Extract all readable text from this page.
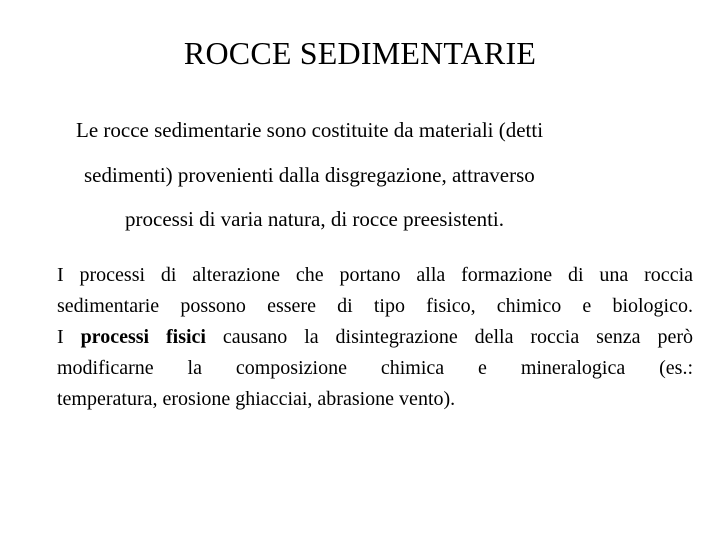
ROCCE SEDIMENTARIE

Le rocce sedimentarie sono costituite da materiali (detti

sedimenti) provenienti dalla disgregazione, attraverso

processi di varia natura, di rocce preesistenti.

I processi di alterazione che portano alla formazione di una roccia
sedimentarie possono essere di tipo fisico, chimico e biologico.
I processi fisici causano la disintegrazione della roccia senza però
modificarne la composizione chimica e mineralogica (es.:
temperatura, erosione ghiacciai, abrasione vento).
